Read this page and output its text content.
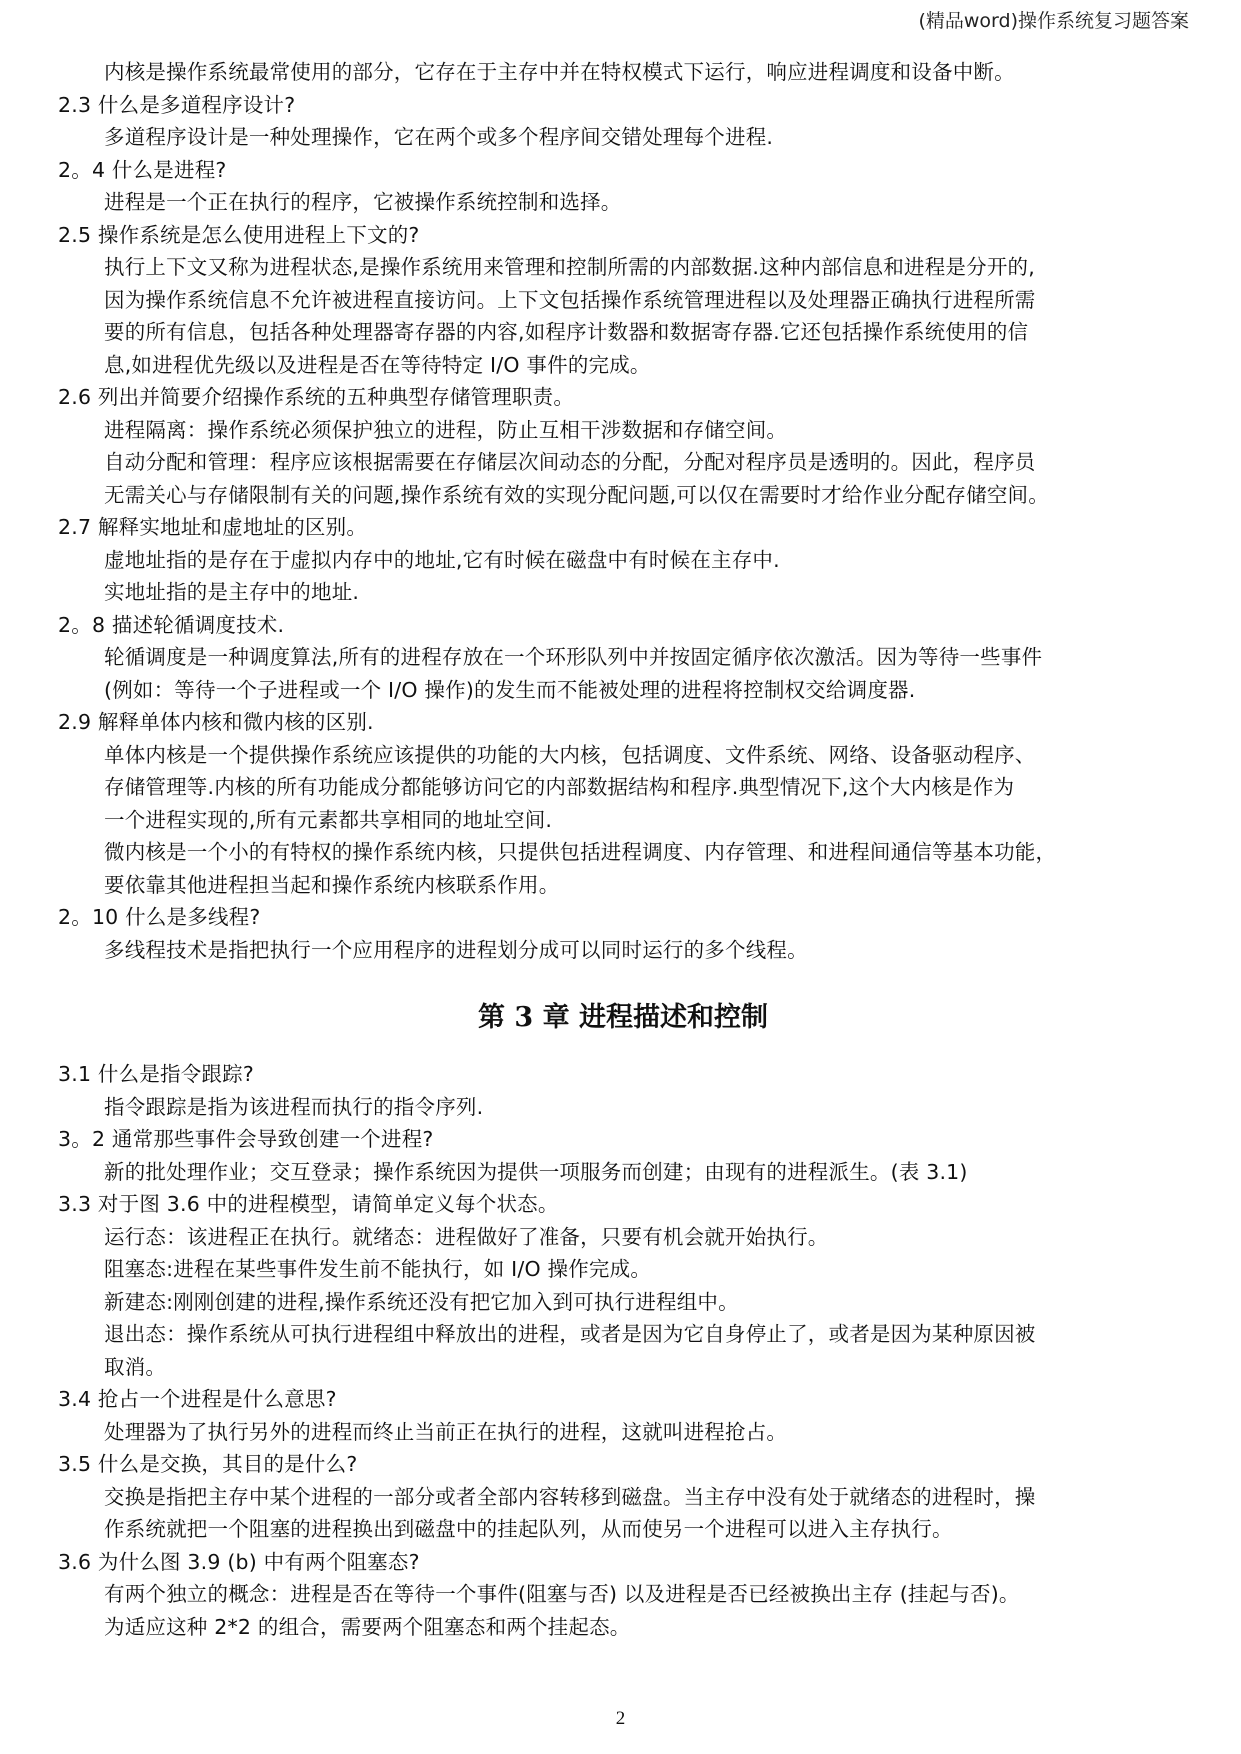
(精品word)操作系统复习题答案
内核是操作系统最常使用的部分，它存在于主存中并在特权模式下运行，响应进程调度和设备中断。
2.3 什么是多道程序设计?
多道程序设计是一种处理操作，它在两个或多个程序间交错处理每个进程.
2。4 什么是进程?
进程是一个正在执行的程序，它被操作系统控制和选择。
2.5 操作系统是怎么使用进程上下文的?
执行上下文又称为进程状态,是操作系统用来管理和控制所需的内部数据.这种内部信息和进程是分开的,
因为操作系统信息不允许被进程直接访问。上下文包括操作系统管理进程以及处理器正确执行进程所需
要的所有信息，包括各种处理器寄存器的内容,如程序计数器和数据寄存器.它还包括操作系统使用的信
息,如进程优先级以及进程是否在等待特定 I/O 事件的完成。
2.6 列出并简要介绍操作系统的五种典型存储管理职责。
进程隔离：操作系统必须保护独立的进程，防止互相干涉数据和存储空间。
自动分配和管理：程序应该根据需要在存储层次间动态的分配，分配对程序员是透明的。因此，程序员
无需关心与存储限制有关的问题,操作系统有效的实现分配问题,可以仅在需要时才给作业分配存储空间。
2.7 解释实地址和虚地址的区别。
虚地址指的是存在于虚拟内存中的地址,它有时候在磁盘中有时候在主存中.
实地址指的是主存中的地址.
2。8 描述轮循调度技术.
轮循调度是一种调度算法,所有的进程存放在一个环形队列中并按固定循序依次激活。因为等待一些事件
(例如：等待一个子进程或一个 I/O 操作)的发生而不能被处理的进程将控制权交给调度器.
2.9 解释单体内核和微内核的区别.
单体内核是一个提供操作系统应该提供的功能的大内核，包括调度、文件系统、网络、设备驱动程序、
存储管理等.内核的所有功能成分都能够访问它的内部数据结构和程序.典型情况下,这个大内核是作为
一个进程实现的,所有元素都共享相同的地址空间.
微内核是一个小的有特权的操作系统内核，只提供包括进程调度、内存管理、和进程间通信等基本功能，
要依靠其他进程担当起和操作系统内核联系作用。
2。10 什么是多线程?
多线程技术是指把执行一个应用程序的进程划分成可以同时运行的多个线程。
第 3 章 进程描述和控制
3.1 什么是指令跟踪?
指令跟踪是指为该进程而执行的指令序列.
3。2 通常那些事件会导致创建一个进程?
新的批处理作业；交互登录；操作系统因为提供一项服务而创建；由现有的进程派生。(表 3.1)
3.3 对于图 3.6 中的进程模型，请简单定义每个状态。
运行态：该进程正在执行。就绪态：进程做好了准备，只要有机会就开始执行。
阻塞态:进程在某些事件发生前不能执行，如 I/O 操作完成。
新建态:刚刚创建的进程,操作系统还没有把它加入到可执行进程组中。
退出态：操作系统从可执行进程组中释放出的进程，或者是因为它自身停止了，或者是因为某种原因被
取消。
3.4 抢占一个进程是什么意思?
处理器为了执行另外的进程而终止当前正在执行的进程，这就叫进程抢占。
3.5 什么是交换，其目的是什么?
交换是指把主存中某个进程的一部分或者全部内容转移到磁盘。当主存中没有处于就绪态的进程时，操
作系统就把一个阻塞的进程换出到磁盘中的挂起队列，从而使另一个进程可以进入主存执行。
3.6 为什么图 3.9 (b) 中有两个阻塞态?
有两个独立的概念：进程是否在等待一个事件(阻塞与否) 以及进程是否已经被换出主存 (挂起与否)。
为适应这种 2*2 的组合，需要两个阻塞态和两个挂起态。
2
